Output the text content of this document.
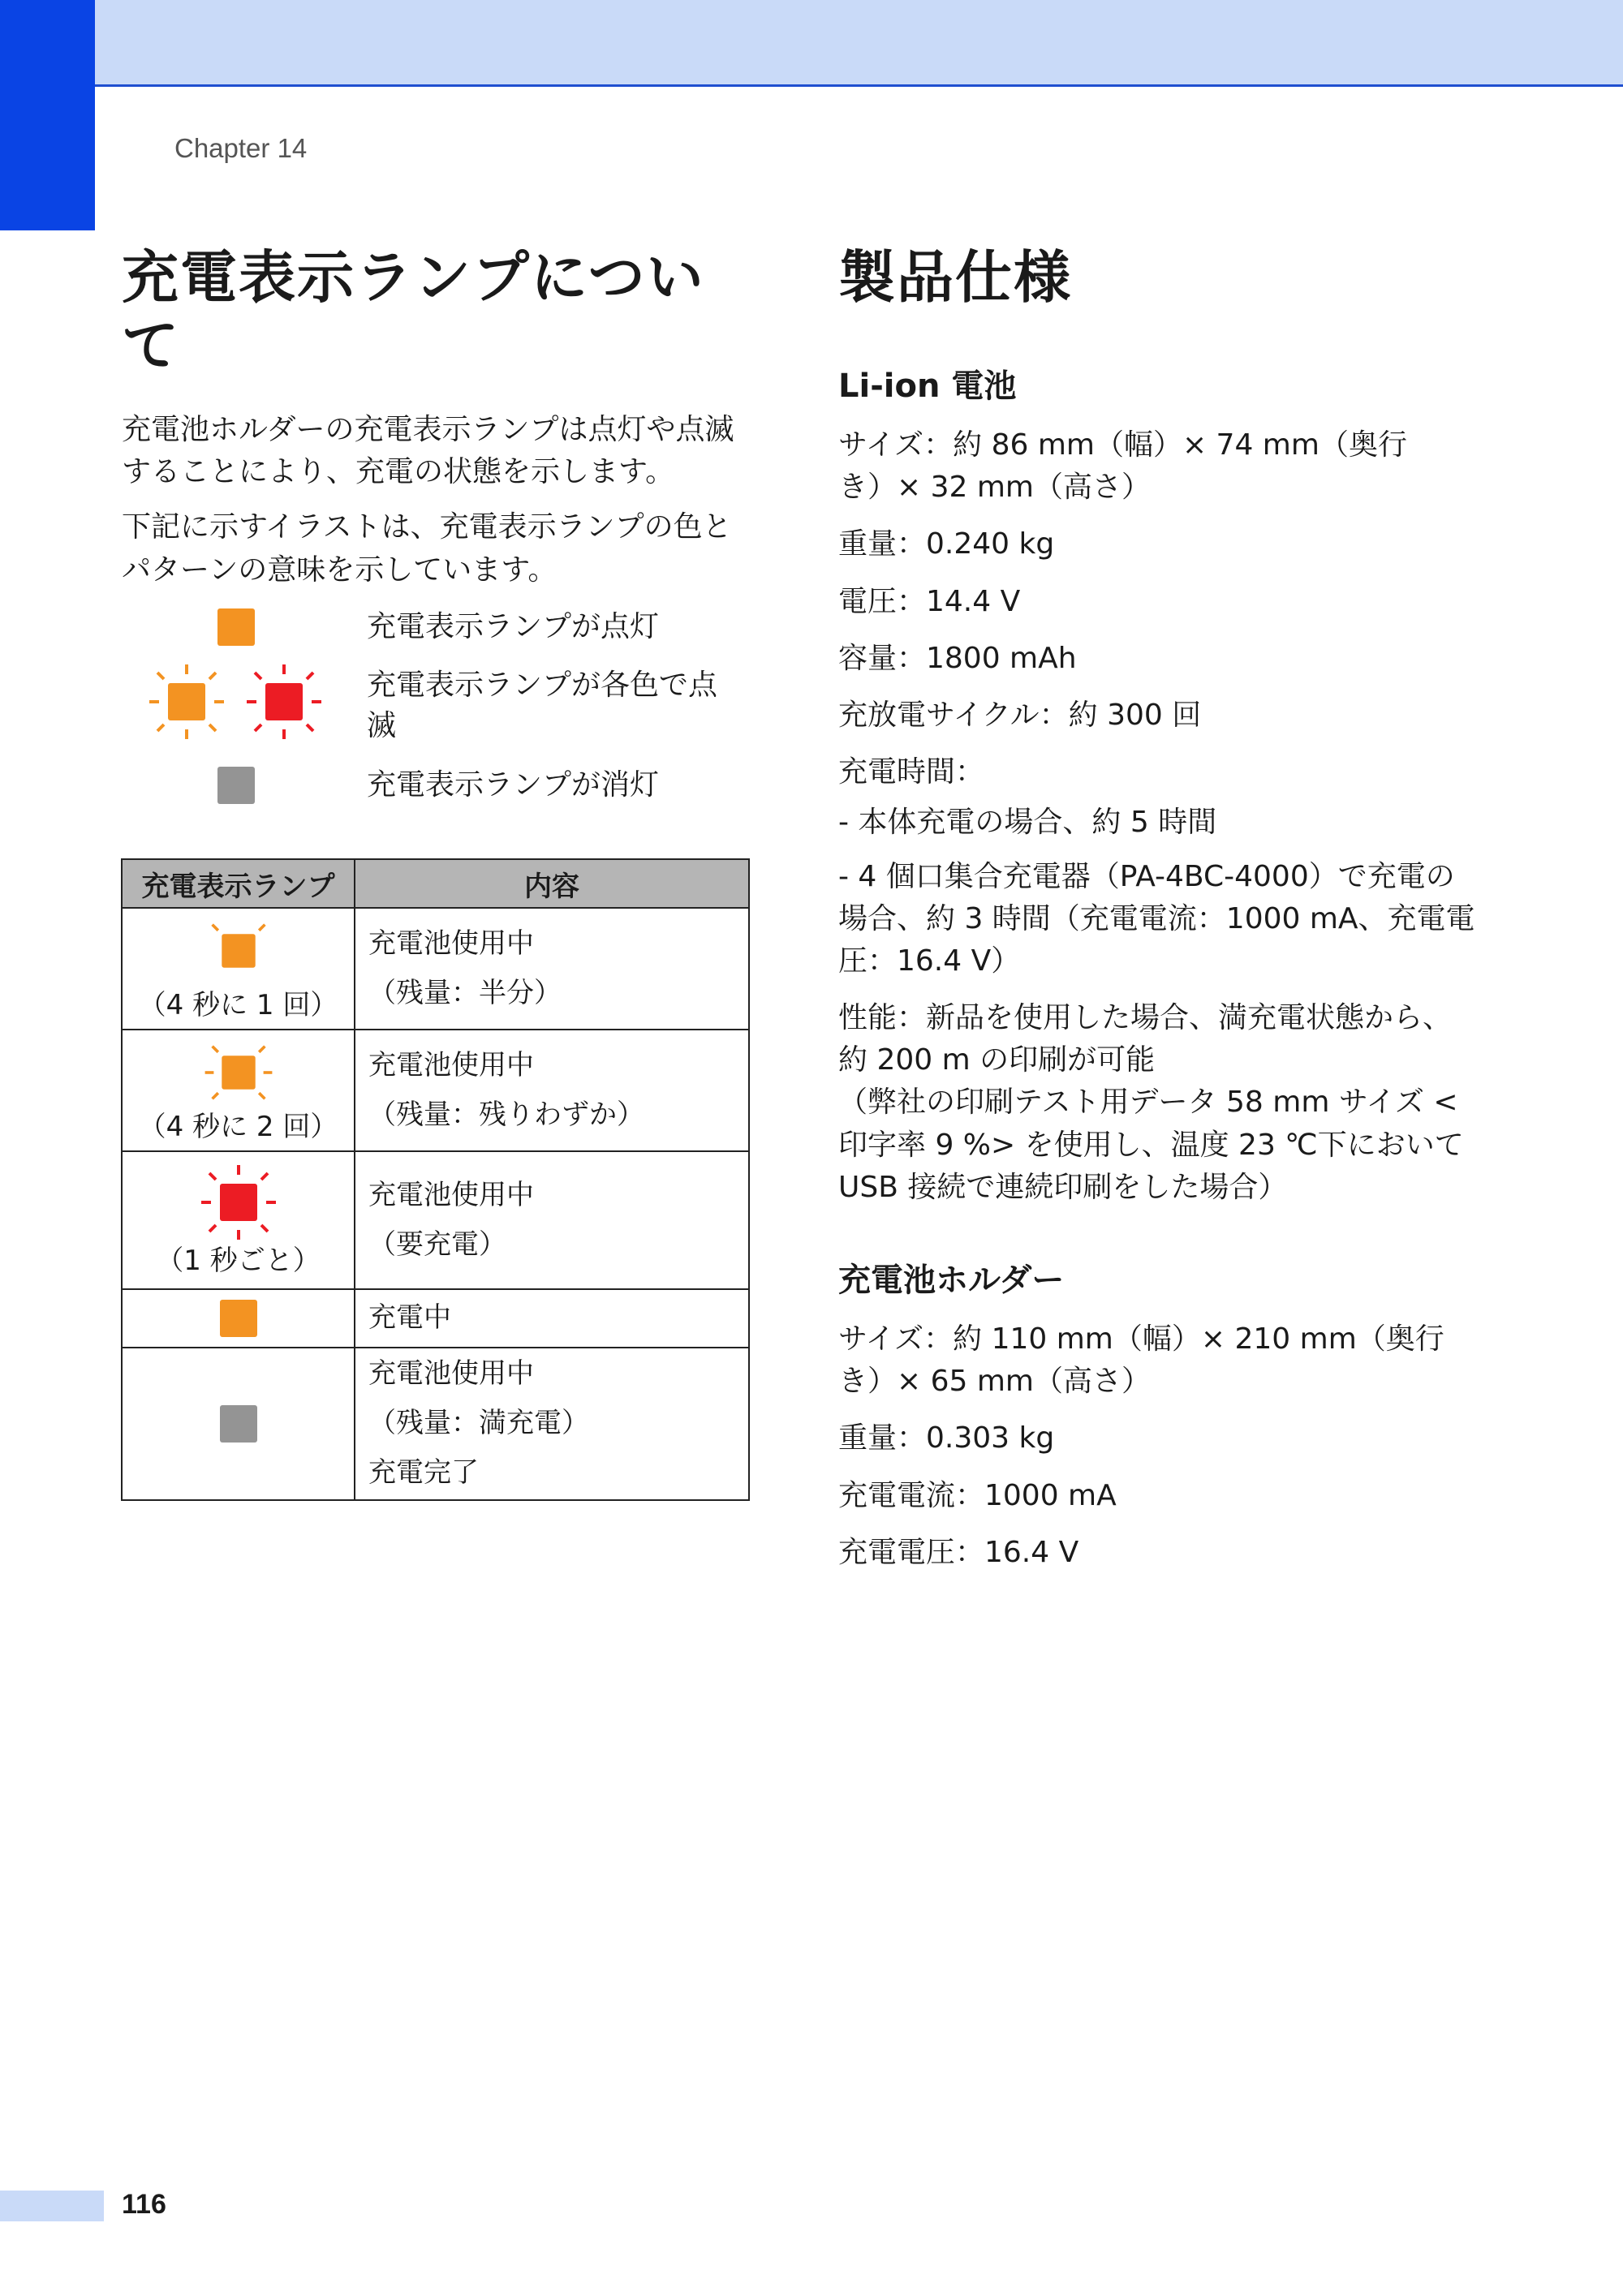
Chapter 14
充電表示ランプについて

充電池ホルダーの充電表示ランプは点灯や点滅することにより、充電の状態を示します。

下記に示すイラストは、充電表示ランプの色とパターンの意味を示しています。

充電表示ランプが点灯
充電表示ランプが各色で点滅
充電表示ランプが消灯
充電表示ランプ	内容

（4 秒に 1 回）	充電池使用中
（残量：半分）

（4 秒に 2 回）	充電池使用中
（残量：残りわずか）

（1 秒ごと）	充電池使用中
（要充電）

	充電中

	充電池使用中
（残量：満充電）
充電完了
製品仕様
Li-ion 電池

サイズ：約 86 mm（幅）× 74 mm（奥行き）× 32 mm（高さ）

重量：0.240 kg

電圧：14.4 V

容量：1800 mAh

充放電サイクル：約 300 回

充電時間：

- 本体充電の場合、約 5 時間

- 4 個口集合充電器（PA-4BC-4000）で充電の場合、約 3 時間（充電電流：1000 mA、充電電圧：16.4 V）

性能：新品を使用した場合、満充電状態から、約 200 m の印刷が可能

（弊社の印刷テスト用データ 58 mm サイズ < 印字率 9 %> を使用し、温度 23 ℃下において USB 接続で連続印刷をした場合）

充電池ホルダー

サイズ：約 110 mm（幅）× 210 mm（奥行き）× 65 mm（高さ）

重量：0.303 kg

充電電流：1000 mA

充電電圧：16.4 V

116
